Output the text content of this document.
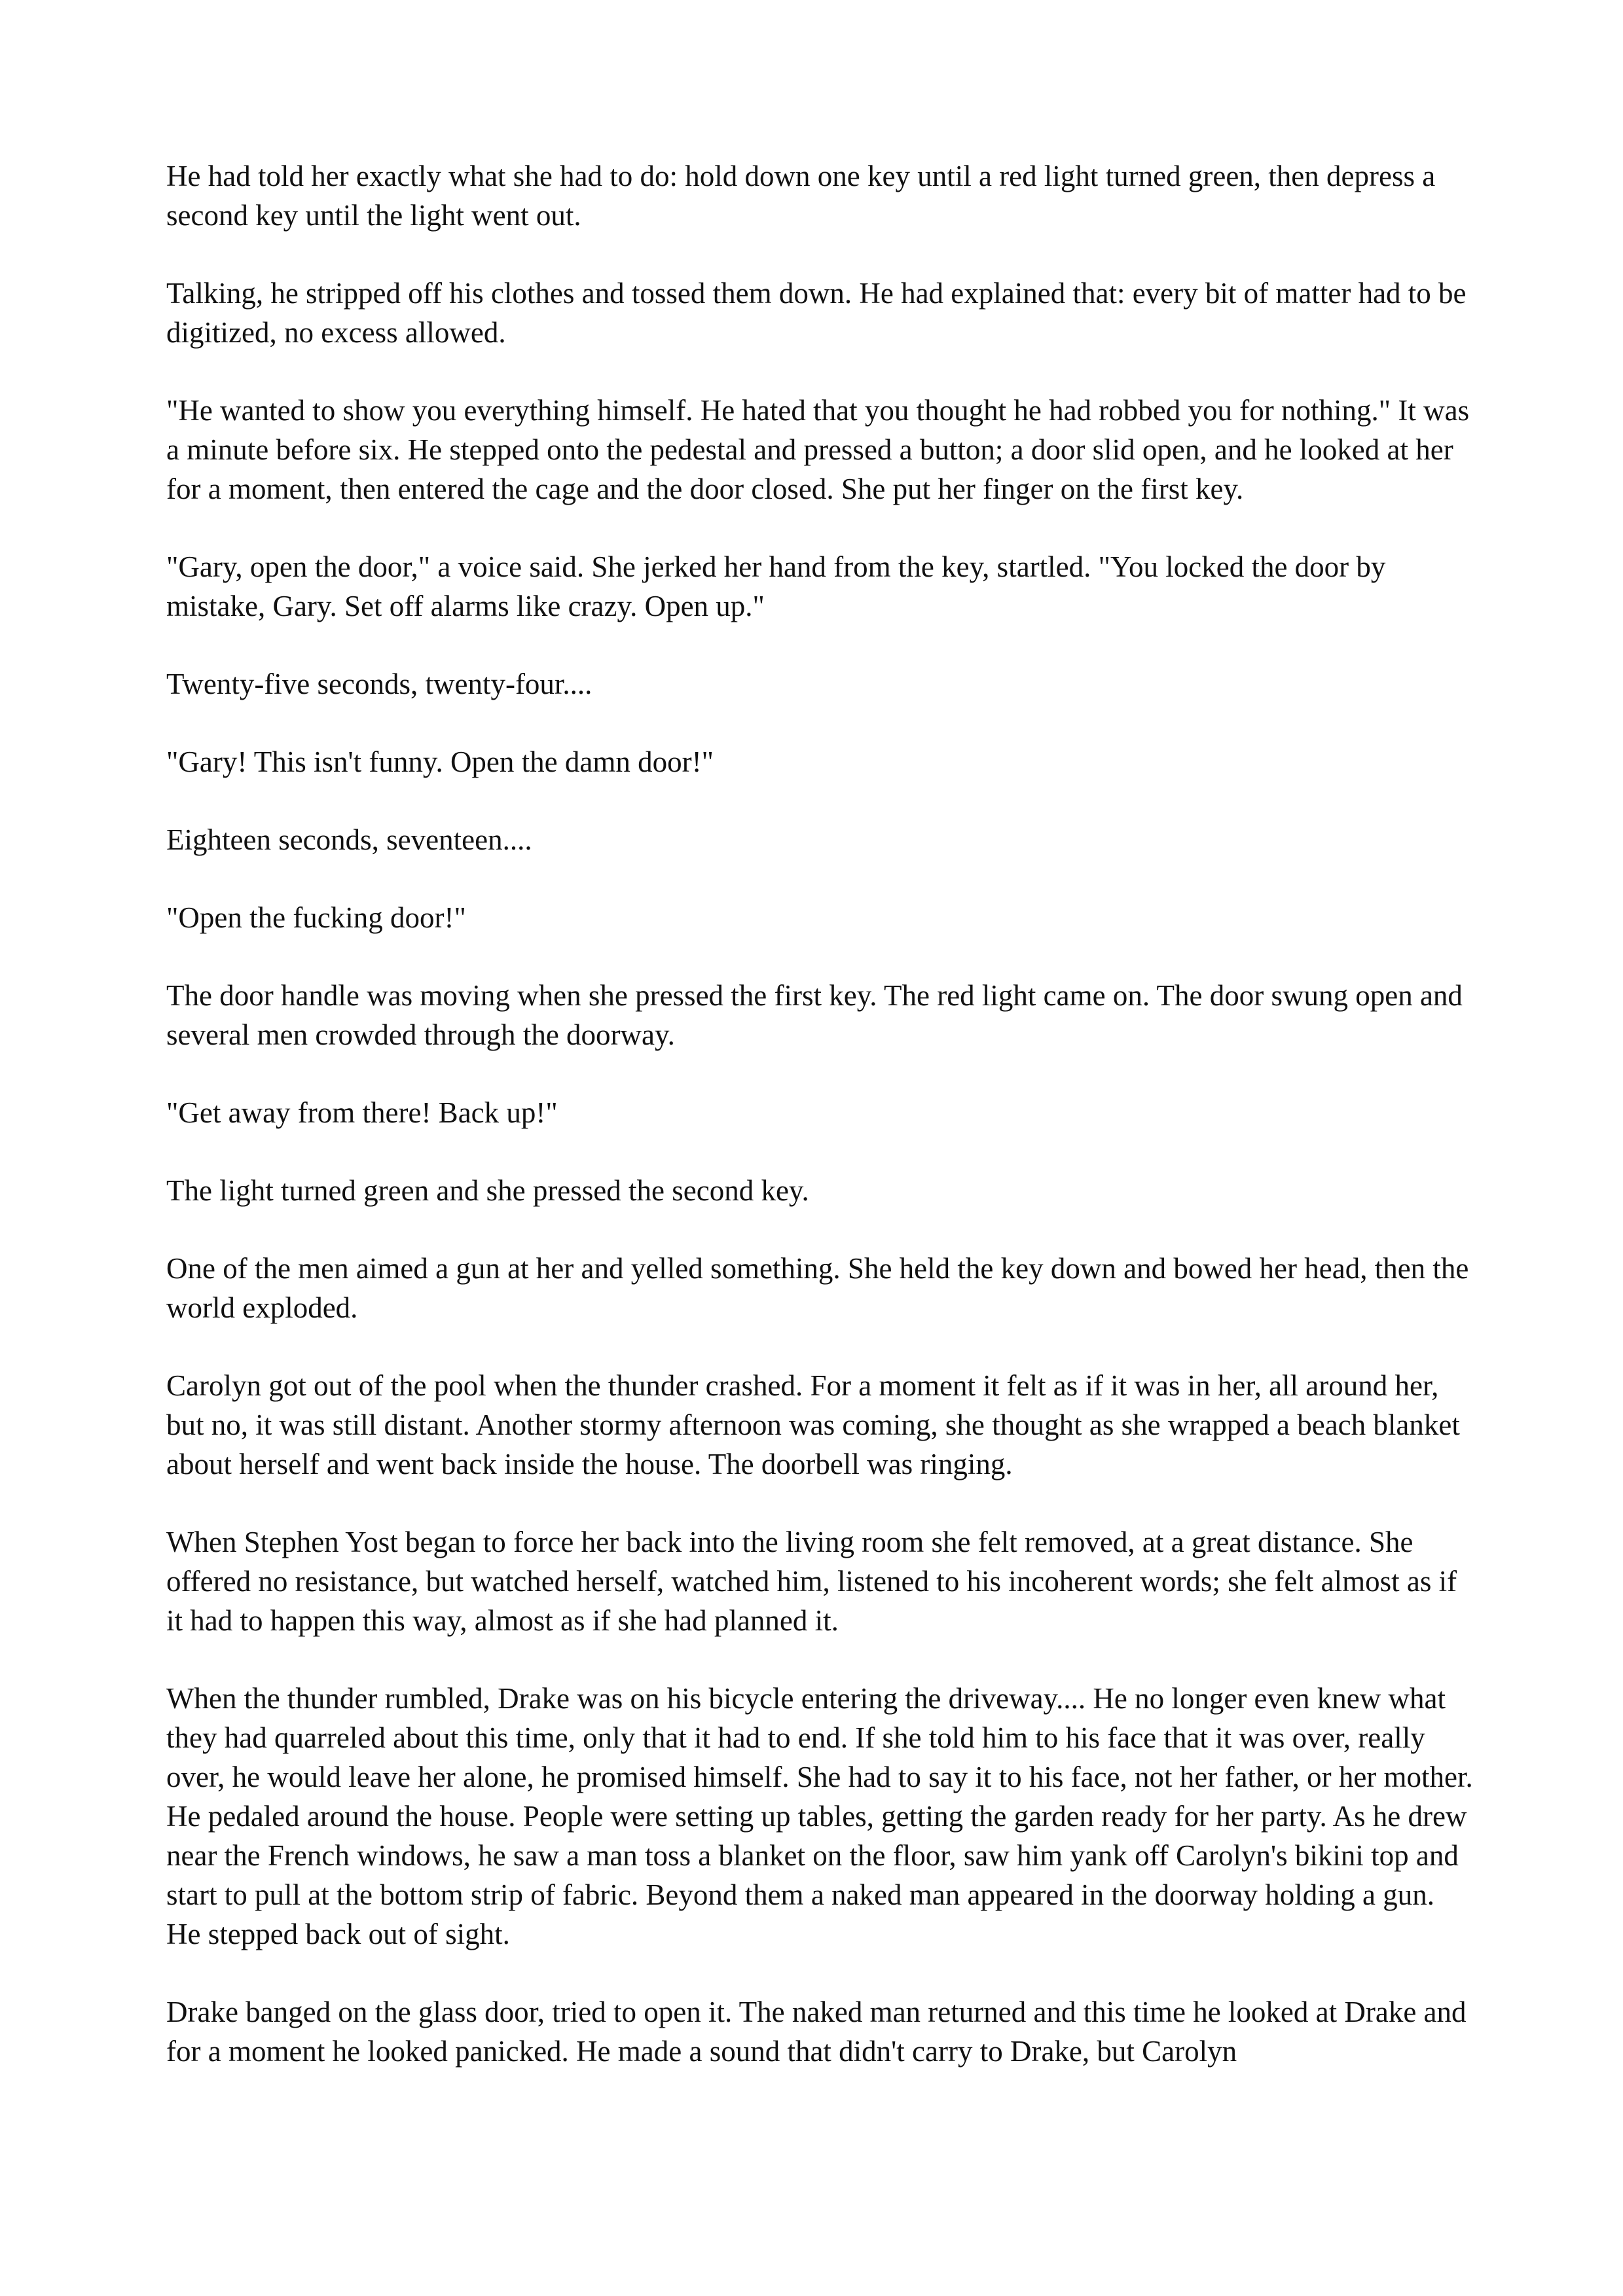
He had told her exactly what she had to do: hold down one key until a red light turned green, then depress a second key until the light went out.

Talking, he stripped off his clothes and tossed them down. He had explained that: every bit of matter had to be digitized, no excess allowed.

"He wanted to show you everything himself. He hated that you thought he had robbed you for nothing." It was a minute before six. He stepped onto the pedestal and pressed a button; a door slid open, and he looked at her for a moment, then entered the cage and the door closed. She put her finger on the first key.

"Gary, open the door," a voice said. She jerked her hand from the key, startled. "You locked the door by mistake, Gary. Set off alarms like crazy. Open up."

Twenty-five seconds, twenty-four....

"Gary! This isn't funny. Open the damn door!"

Eighteen seconds, seventeen....

"Open the fucking door!"

The door handle was moving when she pressed the first key. The red light came on. The door swung open and several men crowded through the doorway.

"Get away from there! Back up!"

The light turned green and she pressed the second key.

One of the men aimed a gun at her and yelled something. She held the key down and bowed her head, then the world exploded.

Carolyn got out of the pool when the thunder crashed. For a moment it felt as if it was in her, all around her, but no, it was still distant. Another stormy afternoon was coming, she thought as she wrapped a beach blanket about herself and went back inside the house. The doorbell was ringing.

When Stephen Yost began to force her back into the living room she felt removed, at a great distance. She offered no resistance, but watched herself, watched him, listened to his incoherent words; she felt almost as if it had to happen this way, almost as if she had planned it.

When the thunder rumbled, Drake was on his bicycle entering the driveway.... He no longer even knew what they had quarreled about this time, only that it had to end. If she told him to his face that it was over, really over, he would leave her alone, he promised himself. She had to say it to his face, not her father, or her mother. He pedaled around the house. People were setting up tables, getting the garden ready for her party. As he drew near the French windows, he saw a man toss a blanket on the floor, saw him yank off Carolyn's bikini top and start to pull at the bottom strip of fabric. Beyond them a naked man appeared in the doorway holding a gun. He stepped back out of sight.

Drake banged on the glass door, tried to open it. The naked man returned and this time he looked at Drake and for a moment he looked panicked. He made a sound that didn't carry to Drake, but Carolyn
